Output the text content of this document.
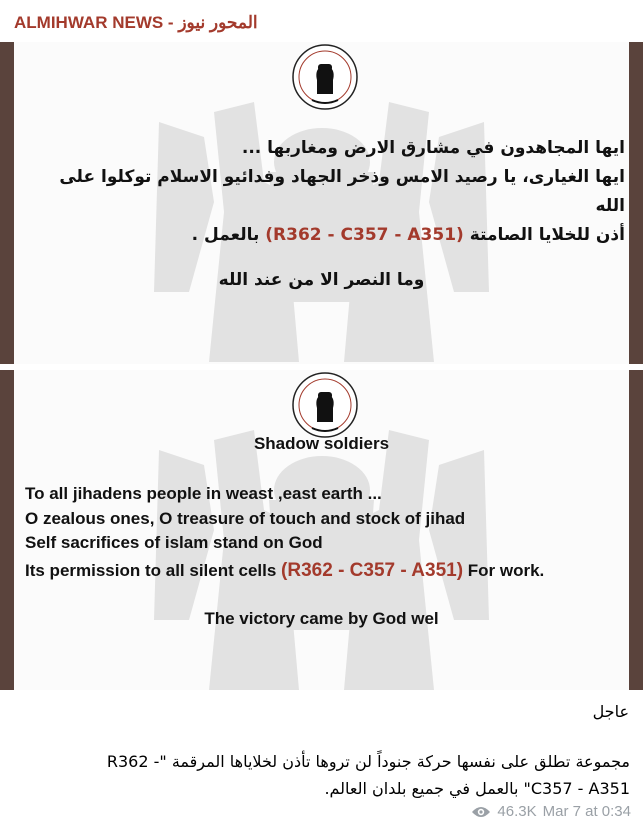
ALMIHWAR NEWS - المحور نيوز
ايها المجاهدون في مشارق الارض ومغاربها ...
ايها الغيارى، يا رصيد الامس وذخر الجهاد وفدائيو الاسلام توكلوا على الله
أذن للخلايا الصامتة (R362 - C357 - A351) بالعمل .
وما النصر الا من عند الله
Shadow soldiers
To all jihadens people in weast ,east earth ...
O zealous ones, O treasure of touch and stock of jihad
Self sacrifices of islam stand on God
Its permission to all silent cells (R362 - C357 - A351) For work.
The victory came by God wel
عاجل
مجموعة تطلق على نفسها حركة جنوداً لن تروها تأذن لخلاياها المرقمة "- R362
C357 - A351" بالعمل في جميع بلدان العالم.
46.3K Mar 7 at 0:34
